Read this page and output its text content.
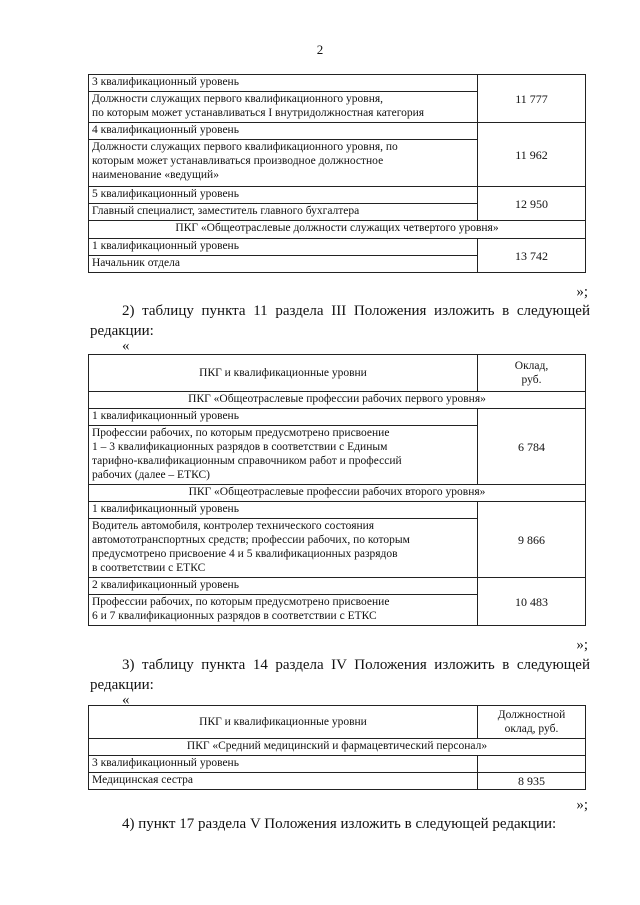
2
3 квалификационный уровень	11 777

Должности служащих первого квалификационного уровня,
по которым может устанавливаться I внутридолжностная категория	

4 квалификационный уровень	11 962

Должности служащих первого квалификационного уровня, по
которым может устанавливаться производное должностное
наименование «ведущий»	

5 квалификационный уровень	12 950
Главный специалист, заместитель главного бухгалтера	
ПКГ «Общеотраслевые должности служащих четвертого уровня»	
1 квалификационный уровень	13 742
Начальник отдела	
»;
2) таблицу пункта 11 раздела III Положения изложить в следующей
редакции:
«
ПКГ и квалификационные уровни	Оклад,
руб.

ПКГ «Общеотраслевые профессии рабочих первого уровня»	
1 квалификационный уровень	6 784

Профессии рабочих, по которым предусмотрено присвоение
1 – 3 квалификационных разрядов в соответствии с Единым
тарифно-квалификационным справочником работ и профессий
рабочих (далее – ЕТКС)	

ПКГ «Общеотраслевые профессии рабочих второго уровня»	
1 квалификационный уровень	9 866

Водитель автомобиля, контролер технического состояния
автомототранспортных средств; профессии рабочих, по которым
предусмотрено присвоение 4 и 5 квалификационных разрядов
в соответствии с ЕТКС	

2 квалификационный уровень	10 483

Профессии рабочих, по которым предусмотрено присвоение
6 и 7 квалификационных разрядов в соответствии с ЕТКС	
»;
3) таблицу пункта 14 раздела IV Положения изложить в следующей
редакции:
«
ПКГ и квалификационные уровни	Должностной
оклад, руб.

ПКГ «Средний медицинский и фармацевтический персонал»	
3 квалификационный уровень	
Медицинская сестра	8 935
»;
4) пункт 17 раздела V Положения изложить в следующей редакции:
